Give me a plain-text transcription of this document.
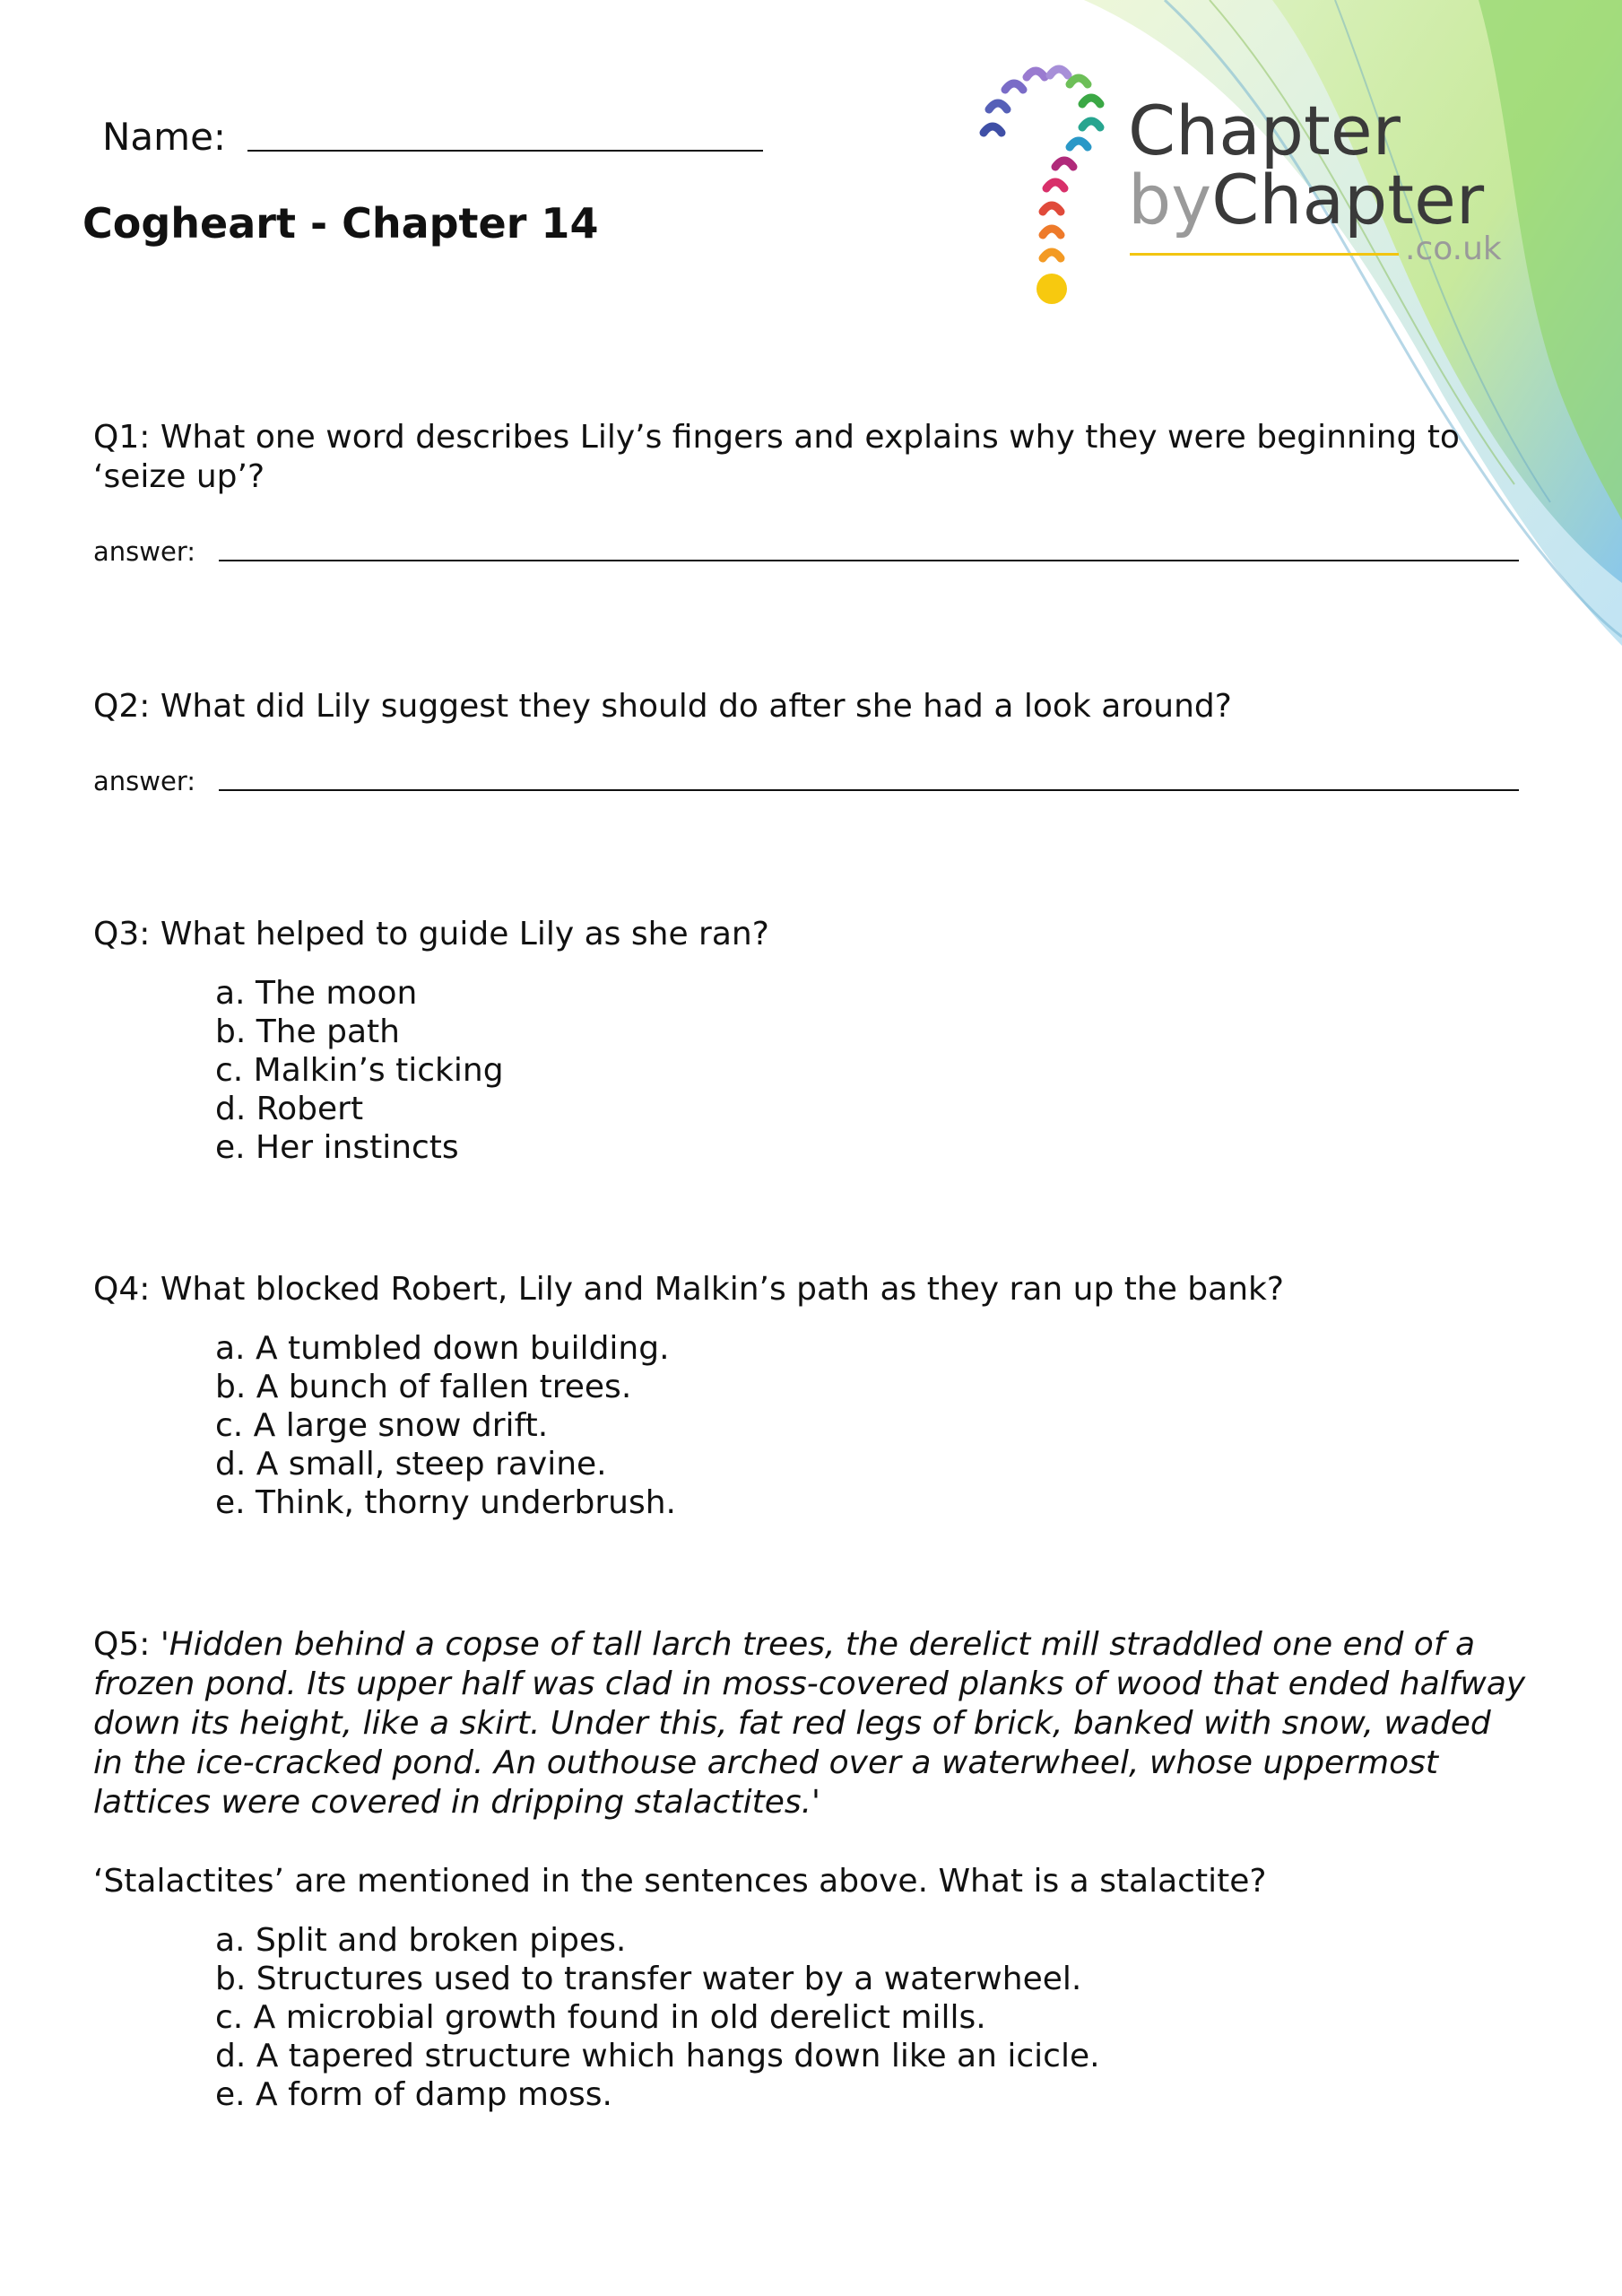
Name:
Cogheart - Chapter 14
Chapter
byChapter
.co.uk

Q1: What one word describes Lily’s fingers and explains why they were beginning to ‘seize up’?

answer:

Q2: What did Lily suggest they should do after she had a look around?

answer:

Q3: What helped to guide Lily as she ran?

a. The moon
b. The path
c. Malkin’s ticking
d. Robert
e. Her instincts

Q4: What blocked Robert, Lily and Malkin’s path as they ran up the bank?

a. A tumbled down building.
b. A bunch of fallen trees.
c. A large snow drift.
d. A small, steep ravine.
e. Think, thorny underbrush.

Q5: 'Hidden behind a copse of tall larch trees, the derelict mill straddled one end of a frozen pond. Its upper half was clad in moss-covered planks of wood that ended halfway down its height, like a skirt. Under this, fat red legs of brick, banked with snow, waded in the ice-cracked pond. An outhouse arched over a waterwheel, whose uppermost lattices were covered in dripping stalactites.'

‘Stalactites’ are mentioned in the sentences above. What is a stalactite?

a. Split and broken pipes.
b. Structures used to transfer water by a waterwheel.
c. A microbial growth found in old derelict mills.
d. A tapered structure which hangs down like an icicle.
e. A form of damp moss.
